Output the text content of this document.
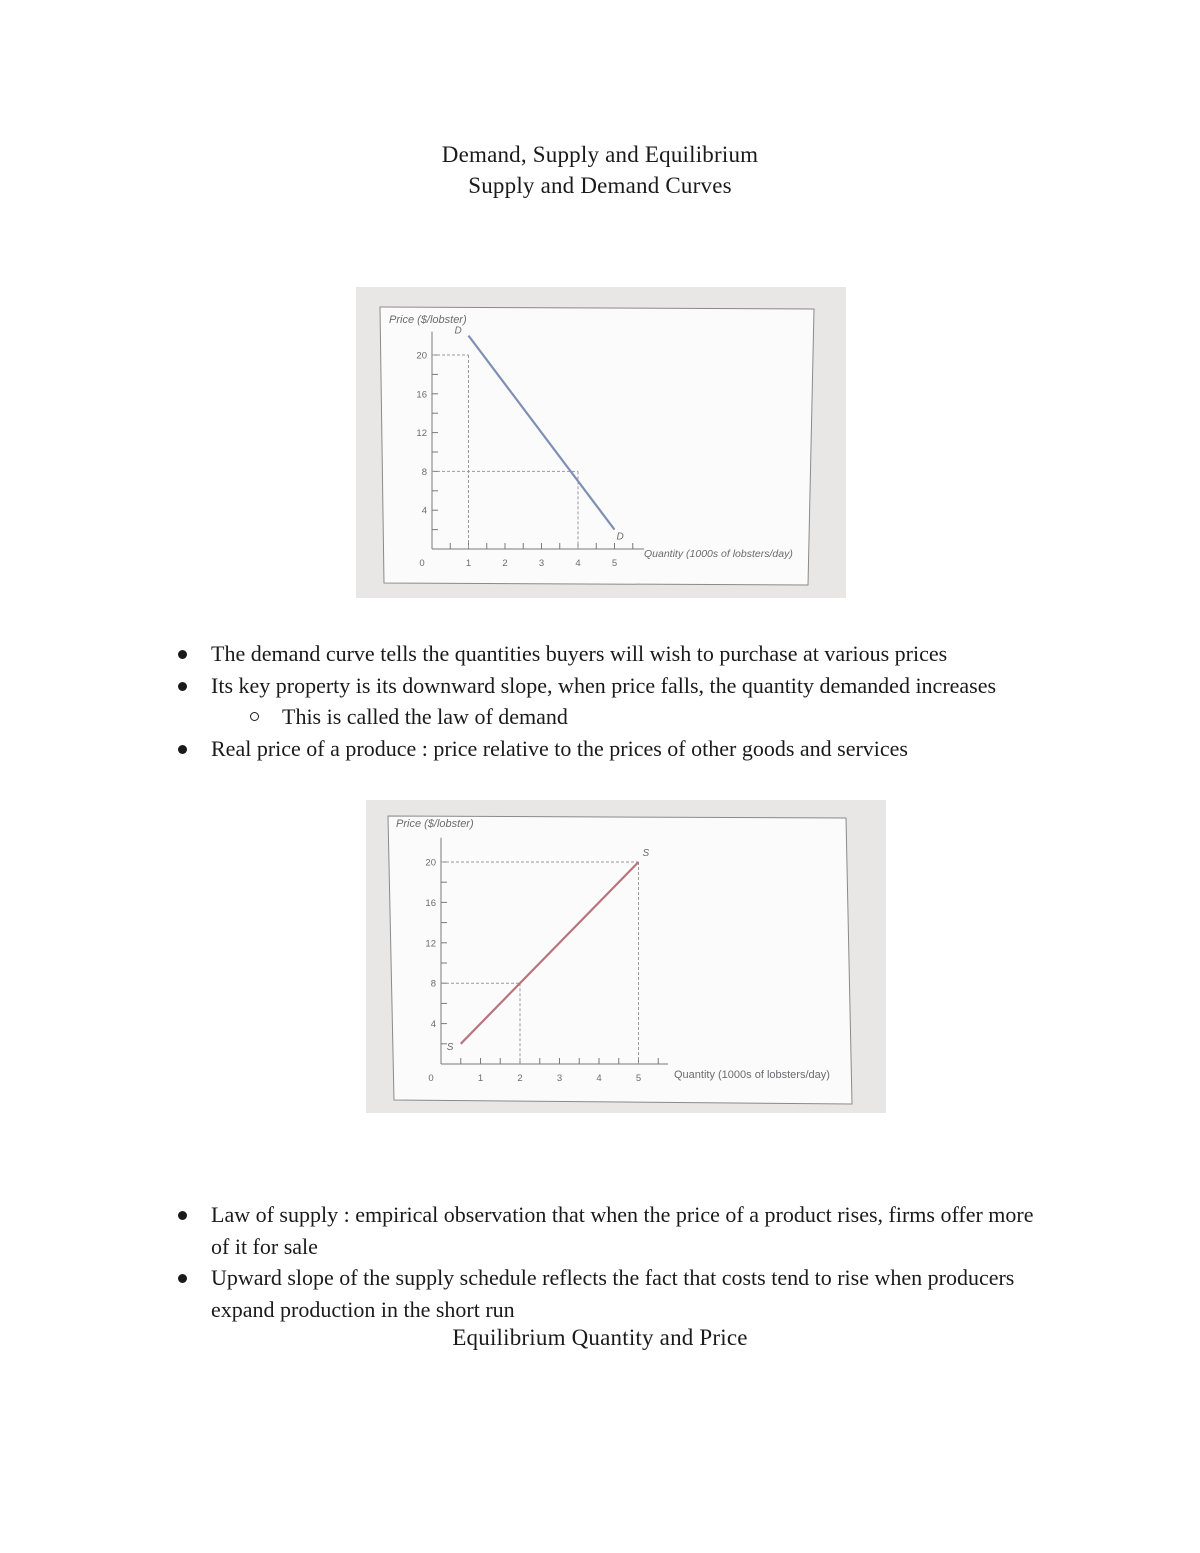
Demand, Supply and Equilibrium
Supply and Demand Curves
Price ($/lobster)
Quantity (1000s of lobsters/day)
20
16
12
8
4
0	1	2	3	4	5
D
D
The demand curve tells the quantities buyers will wish to purchase at various prices
Its key property is its downward slope, when price falls, the quantity demanded increases
This is called the law of demand
Real price of a produce : price relative to the prices of other goods and services
Price ($/lobster)
Quantity (1000s of lobsters/day)
20
16
12
8
4
0	1	2	3	4	5
S
S
Law of supply : empirical observation that when the price of a product rises, firms offer more of it for sale
Upward slope of the supply schedule reflects the fact that costs tend to rise when producers expand production in the short run
Equilibrium Quantity and Price
